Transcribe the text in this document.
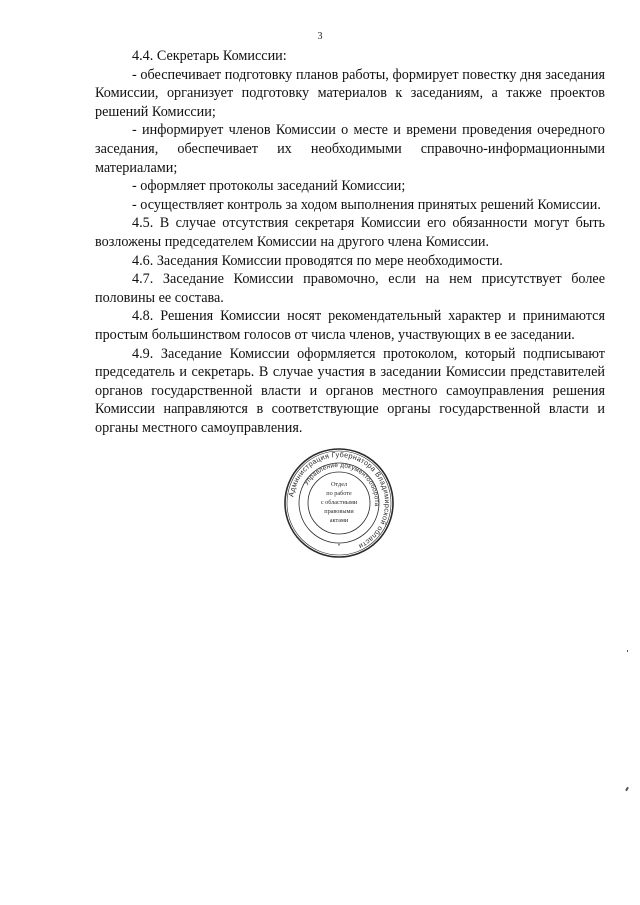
3

4.4. Секретарь Комиссии:

- обеспечивает подготовку планов работы, формирует повестку дня заседания Комиссии, организует подготовку материалов к заседаниям, а также проектов решений Комиссии;

- информирует членов Комиссии о месте и времени проведения очередного заседания, обеспечивает их необходимыми справочно-информационными материалами;

- оформляет протоколы заседаний Комиссии;

- осуществляет контроль за ходом выполнения принятых решений Комиссии.

4.5. В случае отсутствия секретаря Комиссии его обязанности могут быть возложены председателем Комиссии на другого члена Комиссии.

4.6. Заседания Комиссии проводятся по мере необходимости.

4.7. Заседание Комиссии правомочно, если на нем присутствует более половины ее состава.

4.8. Решения Комиссии носят рекомендательный характер и принимаются простым большинством голосов от числа членов, участвующих в ее заседании.

4.9. Заседание Комиссии оформляется протоколом, который подписывают председатель и секретарь. В случае участия в заседании Комиссии представителей органов государственной власти и органов местного самоуправления решения Комиссии направляются в соответствующие органы государственной власти и органы местного самоуправления.

Администрация Губернатора Владимирской области
Управление документооборота
*
Отдел
по работе
с областными
правовыми
актами
